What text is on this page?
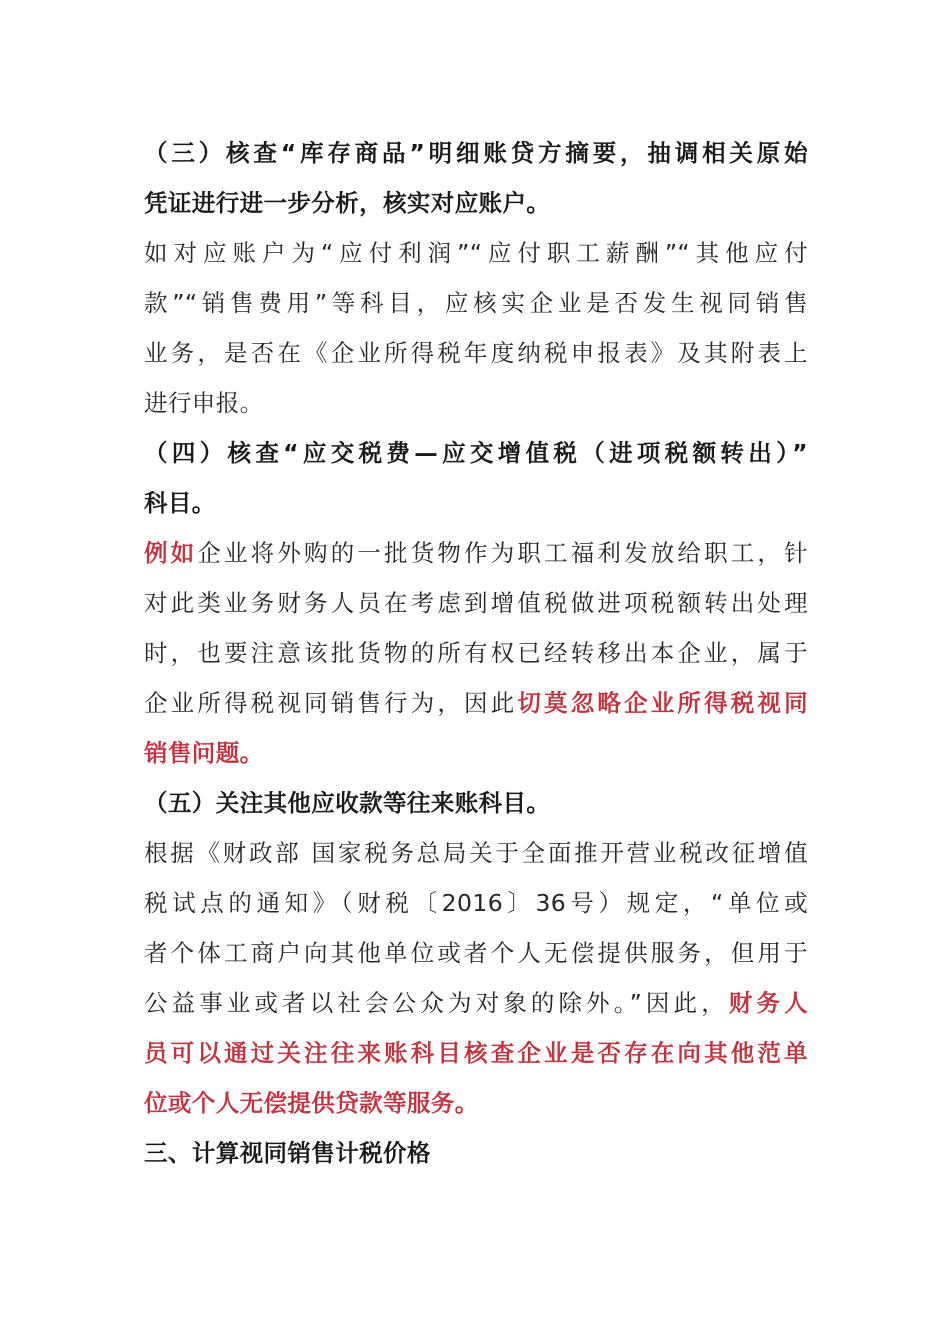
（三）核查“库存商品”明细账贷方摘要，抽调相关原始
凭证进行进一步分析，核实对应账户。
如对应账户为“应付利润”“应付职工薪酬”“其他应付
款”“销售费用”等科目，应核实企业是否发生视同销售
业务，是否在《企业所得税年度纳税申报表》及其附表上
进行申报。
（四）核查“应交税费—应交增值税（进项税额转出）”
科目。
例如企业将外购的一批货物作为职工福利发放给职工，针
对此类业务财务人员在考虑到增值税做进项税额转出处理
时，也要注意该批货物的所有权已经转移出本企业，属于
企业所得税视同销售行为，因此切莫忽略企业所得税视同
销售问题。
（五）关注其他应收款等往来账科目。
根据《财政部 国家税务总局关于全面推开营业税改征增值
税试点的通知》（财税〔2016〕36号）规定，“单位或
者个体工商户向其他单位或者个人无偿提供服务，但用于
公益事业或者以社会公众为对象的除外。”因此，财务人
员可以通过关注往来账科目核查企业是否存在向其他范单
位或个人无偿提供贷款等服务。
三、计算视同销售计税价格
